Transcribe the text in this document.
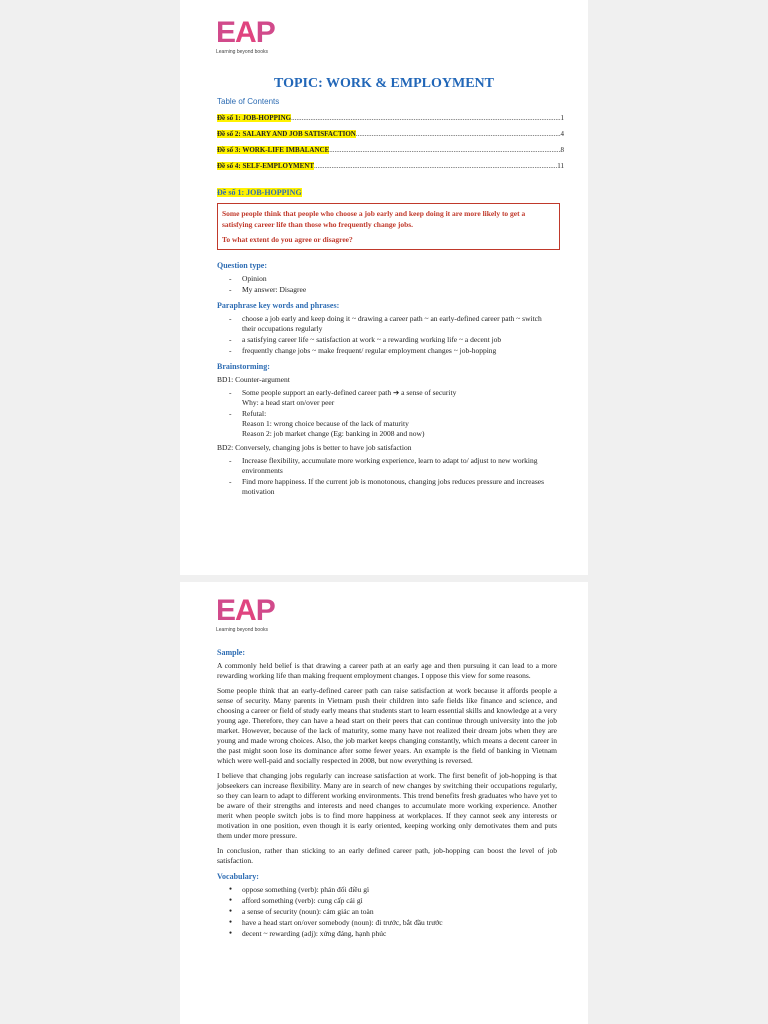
EAP
Learning beyond books
TOPIC: WORK & EMPLOYMENT
Table of Contents
Đề số 1: JOB-HOPPING .....	1
Đề số 2: SALARY AND JOB SATISFACTION .....	4
Đề số 3: WORK-LIFE IMBALANCE .....	8
Đề số 4: SELF-EMPLOYMENT .....	11
Đề số 1: JOB-HOPPING

Some people think that people who choose a job early and keep doing it are more likely to get a satisfying career life than those who frequently change jobs.

To what extent do you agree or disagree?

Question type:
- Opinion
- My answer: Disagree
Paraphrase key words and phrases:
- choose a job early and keep doing it ~ drawing a career path ~ an early-defined career path ~ switch their occupations regularly
- a satisfying career life ~ satisfaction at work ~ a rewarding working life ~ a decent job
- frequently change jobs ~ make frequent/ regular employment changes ~ job-hopping
Brainstorming:
BD1: Counter-argument
- Some people support an early-defined career path ➔ a sense of security
Why: a head start on/over peer
- Refutal:
Reason 1: wrong choice because of the lack of maturity
Reason 2: job market change (Eg: banking in 2008 and now)
BD2: Conversely, changing jobs is better to have job satisfaction
- Increase flexibility, accumulate more working experience, learn to adapt to/ adjust to new working environments
- Find more happiness. If the current job is monotonous, changing jobs reduces pressure and increases motivation
EAP
Learning beyond books
Sample:

A commonly held belief is that drawing a career path at an early age and then pursuing it can lead to a more rewarding working life than making frequent employment changes. I oppose this view for some reasons.

Some people think that an early-defined career path can raise satisfaction at work because it affords people a sense of security. Many parents in Vietnam push their children into safe fields like finance and science, and choosing a career or field of study early means that students start to learn essential skills and knowledge at a very young age. Therefore, they can have a head start on their peers that can continue through university into the job market. However, because of the lack of maturity, some many have not realized their dream jobs when they are young and made wrong choices. Also, the job market keeps changing constantly, which means a decent career in the past might soon lose its dominance after some fewer years. An example is the field of banking in Vietnam which were well-paid and socially respected in 2008, but now everything is reversed.

I believe that changing jobs regularly can increase satisfaction at work. The first benefit of job-hopping is that jobseekers can increase flexibility. Many are in search of new changes by switching their occupations regularly, so they can learn to adapt to different working environments. This trend benefits fresh graduates who have yet to be aware of their strengths and interests and need changes to accumulate more working experience. Another merit when people switch jobs is to find more happiness at workplaces. If they cannot seek any interests or motivation in one position, even though it is early oriented, keeping working only demotivates them and puts them under more pressure.

In conclusion, rather than sticking to an early defined career path, job-hopping can boost the level of job satisfaction.

Vocabulary:
● oppose something (verb): phản đối điều gì
● afford something (verb): cung cấp cái gì
● a sense of security (noun): cảm giác an toàn
● have a head start on/over somebody (noun): đi trước, bắt đầu trước
● decent ~ rewarding (adj): xứng đáng, hạnh phúc
